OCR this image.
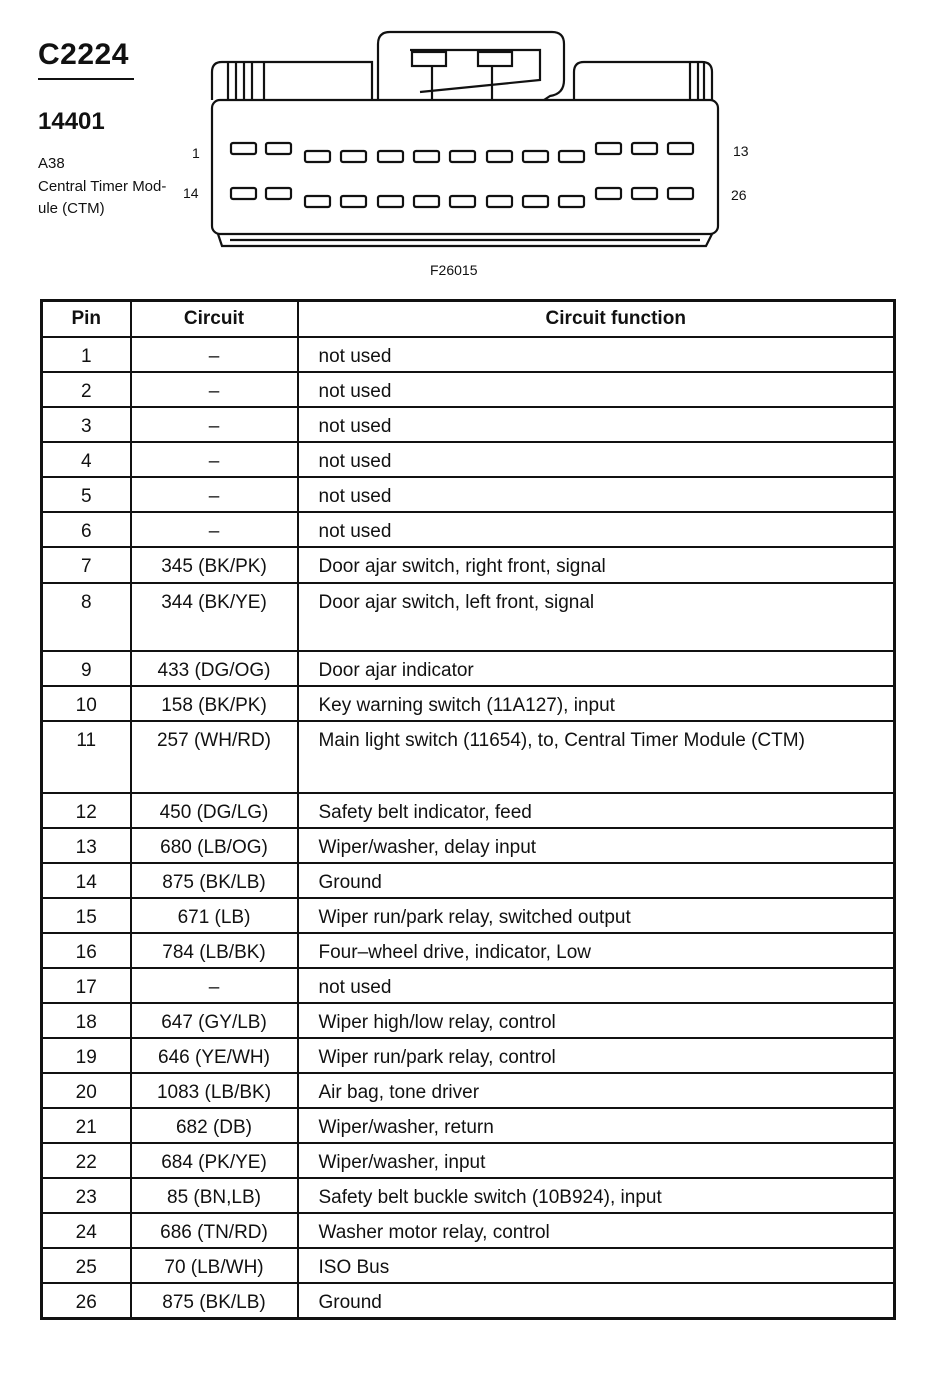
C2224
14401
A38
Central Timer Mod-
ule (CTM)
1	13
14	26
F26015
Pin	Circuit	Circuit function
1	–	not used
2	–	not used
3	–	not used
4	–	not used
5	–	not used
6	–	not used
7	345 (BK/PK)	Door ajar switch, right front, signal
8	344 (BK/YE)	Door ajar switch, left front, signal
9	433 (DG/OG)	Door ajar indicator
10	158 (BK/PK)	Key warning switch (11A127), input
11	257 (WH/RD)	Main light switch (11654), to, Central Timer Module (CTM)
12	450 (DG/LG)	Safety belt indicator, feed
13	680 (LB/OG)	Wiper/washer, delay input
14	875 (BK/LB)	Ground
15	671 (LB)	Wiper run/park relay, switched output
16	784 (LB/BK)	Four–wheel drive, indicator, Low
17	–	not used
18	647 (GY/LB)	Wiper high/low relay, control
19	646 (YE/WH)	Wiper run/park relay, control
20	1083 (LB/BK)	Air bag, tone driver
21	682 (DB)	Wiper/washer, return
22	684 (PK/YE)	Wiper/washer, input
23	85 (BN,LB)	Safety belt buckle switch (10B924), input
24	686 (TN/RD)	Washer motor relay, control
25	70 (LB/WH)	ISO Bus
26	875 (BK/LB)	Ground
